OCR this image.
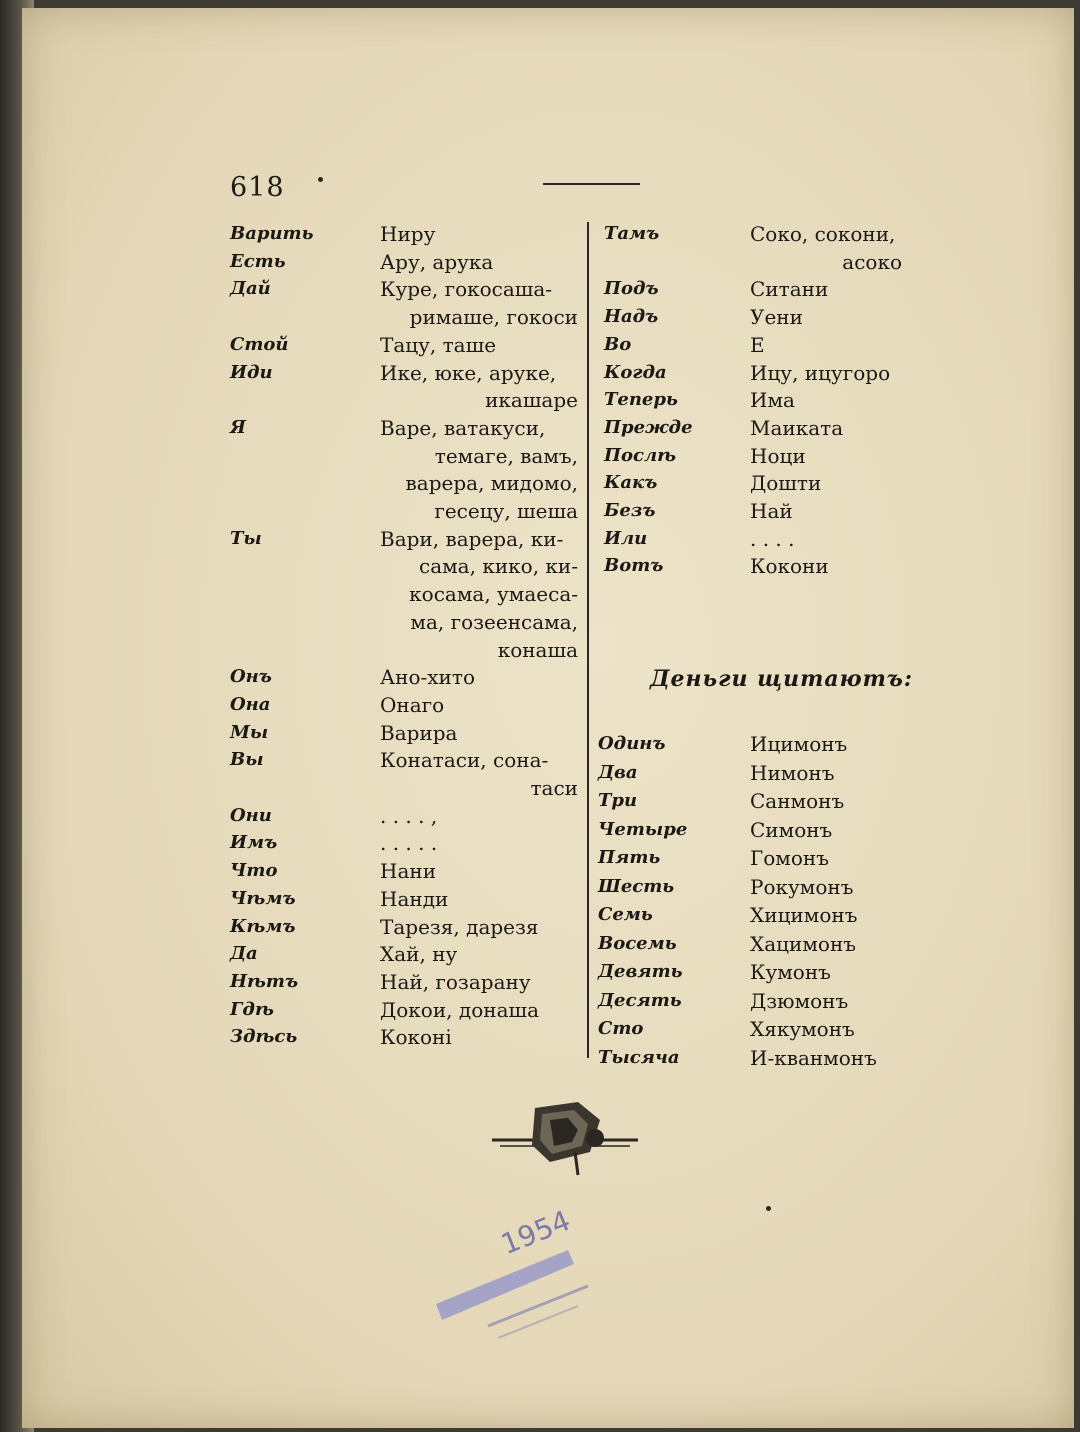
618
Варить	Ниру
Есть	Ару, арука
Дай	Куре, гокосаша-
римаше, гокоси
Стой	Тацу, таше
Иди	Ике, юке, аруке,
икашаре
Я	Варе, ватакуси,
темаге, вамъ,
варера, мидомо,
гесецу, шеша
Ты	Вари, варера, ки-
сама, кико, ки-
косама, умаеса-
ма, гозеенсама,
конаша
Онъ	Ано-хито
Она	Онаго
Мы	Варира
Вы	Конатаси, сона-
таси
Они	. . . . ,
Имъ	. . . . .
Что	Нани
Чѣмъ	Нанди
Кѣмъ	Тарезя, дарезя
Да	Хай, ну
Нѣтъ	Най, гозарану
Гдѣ	Докои, донаша
Здѣсь	Коконі
Тамъ	Соко, сокони,
асоко
Подъ	Ситани
Надъ	Уени
Во	Е
Когда	Ицу, ицугоро
Теперь	Има
Прежде	Маиката
Послѣ	Ноци
Какъ	Дошти
Безъ	Най
Или	. . . .
Вотъ	Кокони
Одинъ	Ицимонъ
Два	Нимонъ
Три	Санмонъ
Четыре	Симонъ
Пять	Гомонъ
Шесть	Рокумонъ
Семь	Хицимонъ
Восемь	Хацимонъ
Девять	Кумонъ
Десять	Дзюмонъ
Сто	Хякумонъ
Тысяча	И-кванмонъ
Деньги щитаютъ:
1954
